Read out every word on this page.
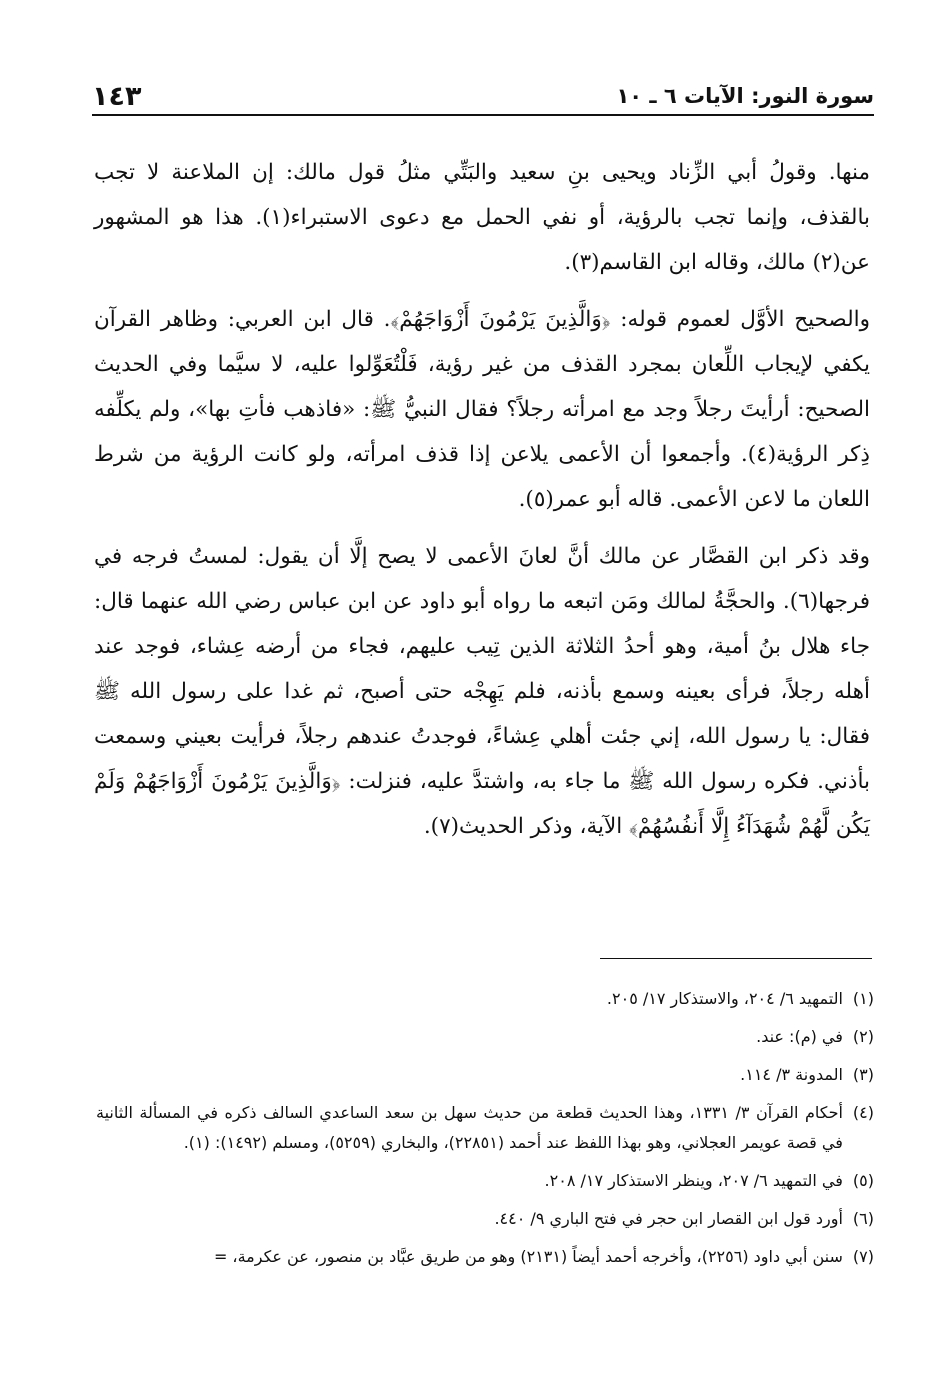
سورة النور: الآيات ٦ ـ ١٠
١٤٣

منها. وقولُ أبي الزِّناد ويحيى بنِ سعيد والبَتِّي مثلُ قول مالك: إن الملاعنة لا تجب بالقذف، وإنما تجب بالرؤية، أو نفي الحمل مع دعوى الاستبراء(١). هذا هو المشهور عن(٢) مالك، وقاله ابن القاسم(٣).

والصحيح الأوَّل لعموم قوله: ﴿وَالَّذِينَ يَرْمُونَ أَزْوَاجَهُمْ﴾. قال ابن العربي: وظاهر القرآن يكفي لإيجاب اللِّعان بمجرد القذف من غير رؤية، فَلْتُعَوِّلوا عليه، لا سيَّما وفي الحديث الصحيح: أرأيتَ رجلاً وجد مع امرأته رجلاً؟ فقال النبيُّ ﷺ: «فاذهب فأتِ بها»، ولم يكلِّفه ذِكر الرؤية(٤). وأجمعوا أن الأعمى يلاعن إذا قذف امرأته، ولو كانت الرؤية من شرط اللعان ما لاعن الأعمى. قاله أبو عمر(٥).

وقد ذكر ابن القصَّار عن مالك أنَّ لعانَ الأعمى لا يصح إلَّا أن يقول: لمستُ فرجه في فرجها(٦). والحجَّةُ لمالك ومَن اتبعه ما رواه أبو داود عن ابن عباس رضي الله عنهما قال: جاء هلال بنُ أمية، وهو أحدُ الثلاثة الذين تِيب عليهم، فجاء من أرضه عِشاء، فوجد عند أهله رجلاً، فرأى بعينه وسمع بأذنه، فلم يَهِجْه حتى أصبح، ثم غدا على رسول الله ﷺ فقال: يا رسول الله، إني جئت أهلي عِشاءً، فوجدتُ عندهم رجلاً، فرأيت بعيني وسمعت بأذني. فكره رسول الله ﷺ ما جاء به، واشتدَّ عليه، فنزلت: ﴿وَالَّذِينَ يَرْمُونَ أَزْوَاجَهُمْ وَلَمْ يَكُن لَّهُمْ شُهَدَآءُ إِلَّا أَنفُسُهُمْ﴾ الآية، وذكر الحديث(٧).

(١)
التمهيد ٦/ ٢٠٤، والاستذكار ١٧/ ٢٠٥.
(٢)
في (م): عند.
(٣)
المدونة ٣/ ١١٤.
(٤)
أحكام القرآن ٣/ ١٣٣١، وهذا الحديث قطعة من حديث سهل بن سعد الساعدي السالف ذكره في المسألة الثانية في قصة عويمر العجلاني، وهو بهذا اللفظ عند أحمد (٢٢٨٥١)، والبخاري (٥٢٥٩)، ومسلم (١٤٩٢): (١).
(٥)
في التمهيد ٦/ ٢٠٧، وينظر الاستذكار ١٧/ ٢٠٨.
(٦)
أورد قول ابن القصار ابن حجر في فتح الباري ٩/ ٤٤٠.
(٧)
سنن أبي داود (٢٢٥٦)، وأخرجه أحمد أيضاً (٢١٣١) وهو من طريق عبَّاد بن منصور، عن عكرمة، =
